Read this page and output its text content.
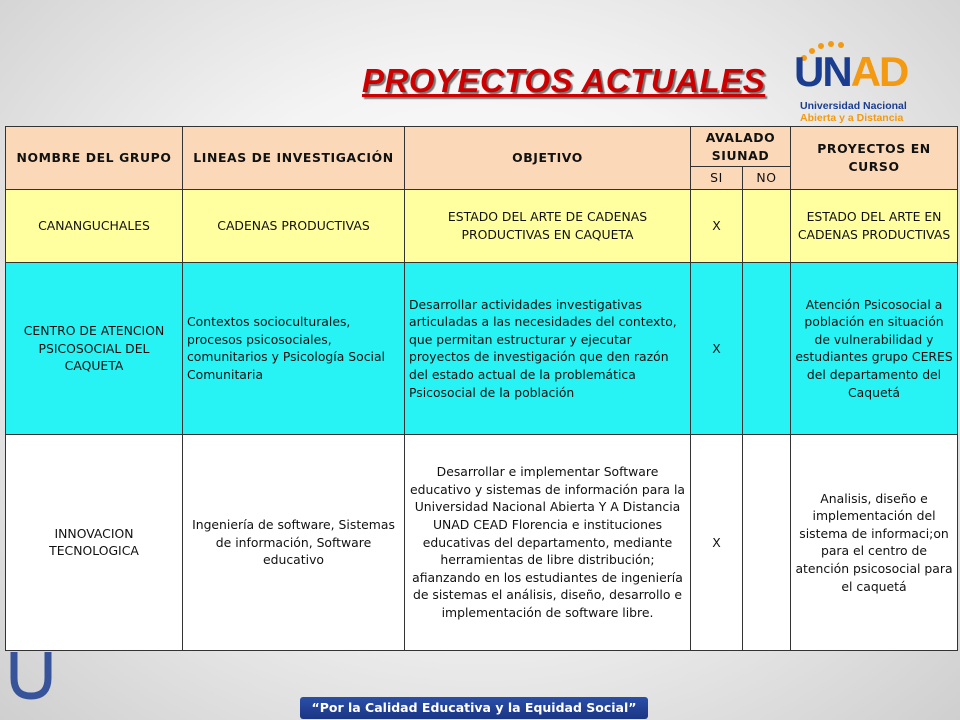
PROYECTOS ACTUALES UNAD
Universidad Nacional
Abierta y a Distancia
NOMBRE DEL GRUPO	LINEAS DE INVESTIGACIÓN	OBJETIVO	AVALADO SIUNAD		PROYECTOS EN CURSO
			SI	NO	
CANANGUCHALES	CADENAS PRODUCTIVAS	ESTADO DEL ARTE DE CADENAS PRODUCTIVAS EN CAQUETA	X		ESTADO DEL ARTE EN CADENAS PRODUCTIVAS
CENTRO DE ATENCION PSICOSOCIAL DEL CAQUETA	Contextos socioculturales, procesos psicosociales, comunitarios y Psicología Social Comunitaria	Desarrollar actividades investigativas articuladas a las necesidades del contexto, que permitan estructurar y ejecutar proyectos de investigación que den razón del estado actual de la problemática Psicosocial de la población	X		Atención Psicosocial a población en situación de vulnerabilidad y estudiantes grupo CERES del departamento del Caquetá
INNOVACION TECNOLOGICA	Ingeniería de software, Sistemas de información, Software educativo	Desarrollar e implementar Software educativo y sistemas de información para la Universidad Nacional Abierta Y A Distancia UNAD CEAD Florencia e instituciones educativas del departamento, mediante herramientas de libre distribución; afianzando en los estudiantes de ingeniería de sistemas el análisis, diseño, desarrollo e implementación de software libre.	X		Analisis, diseño e implementación del sistema de informaci;on para el centro de atención psicosocial para el caquetá
“Por la Calidad Educativa y la Equidad Social”
